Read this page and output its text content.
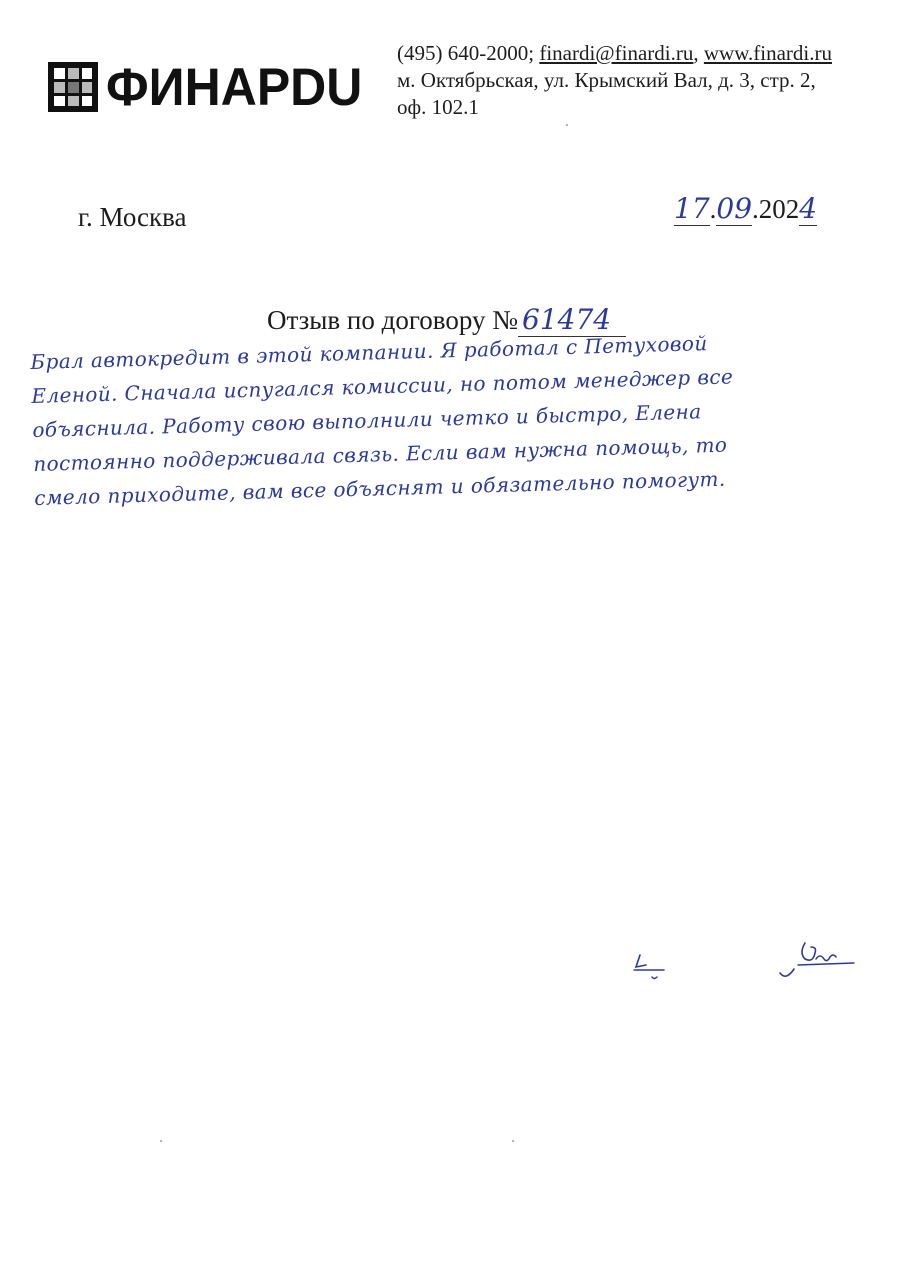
ФИНАРDU
(495) 640-2000; finardi@finardi.ru, www.finardi.ru
м. Октябрьская, ул. Крымский Вал, д. 3, стр. 2,
оф. 102.1
г. Москва	17.09.2024
Отзыв по договору № 61474
Брал автокредит в этой компании. Я работал с Петуховой
Еленой. Сначала испугался комиссии, но потом менеджер все
объяснила. Работу свою выполнили четко и быстро, Елена
постоянно поддерживала связь. Если вам нужна помощь, то
смело приходите, вам все объяснят и обязательно помогут.
